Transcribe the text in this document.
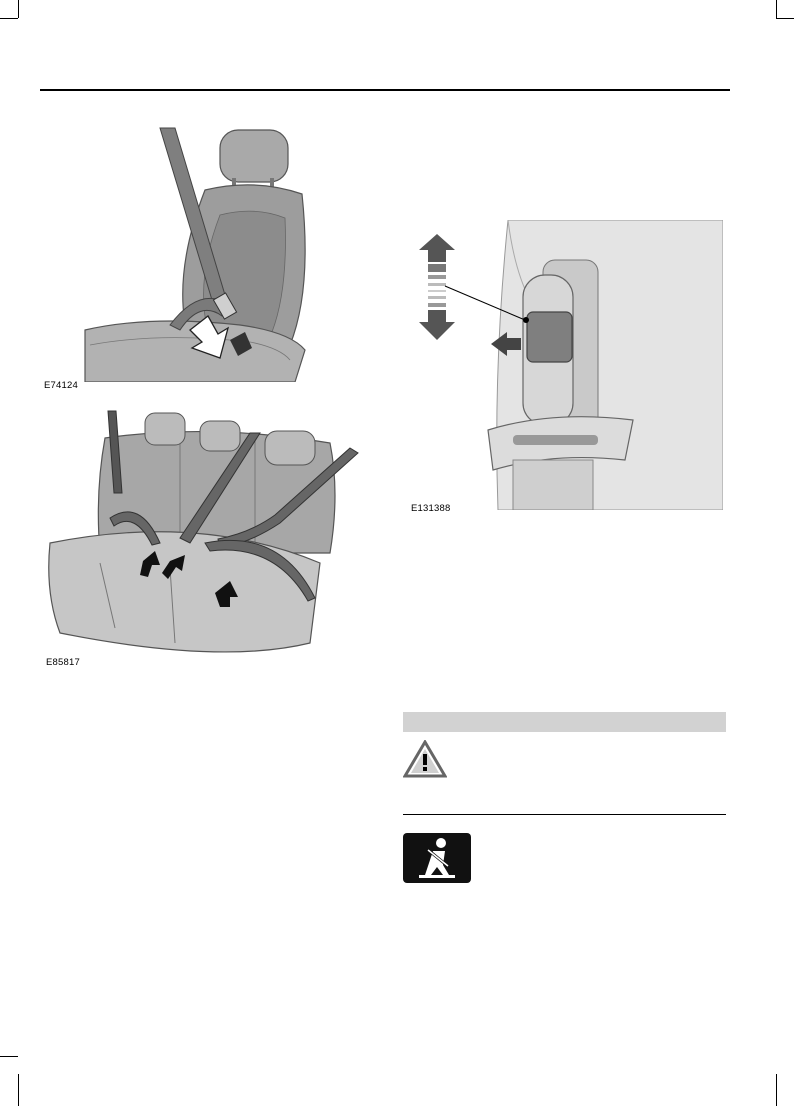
E74124
E85817
E131388
